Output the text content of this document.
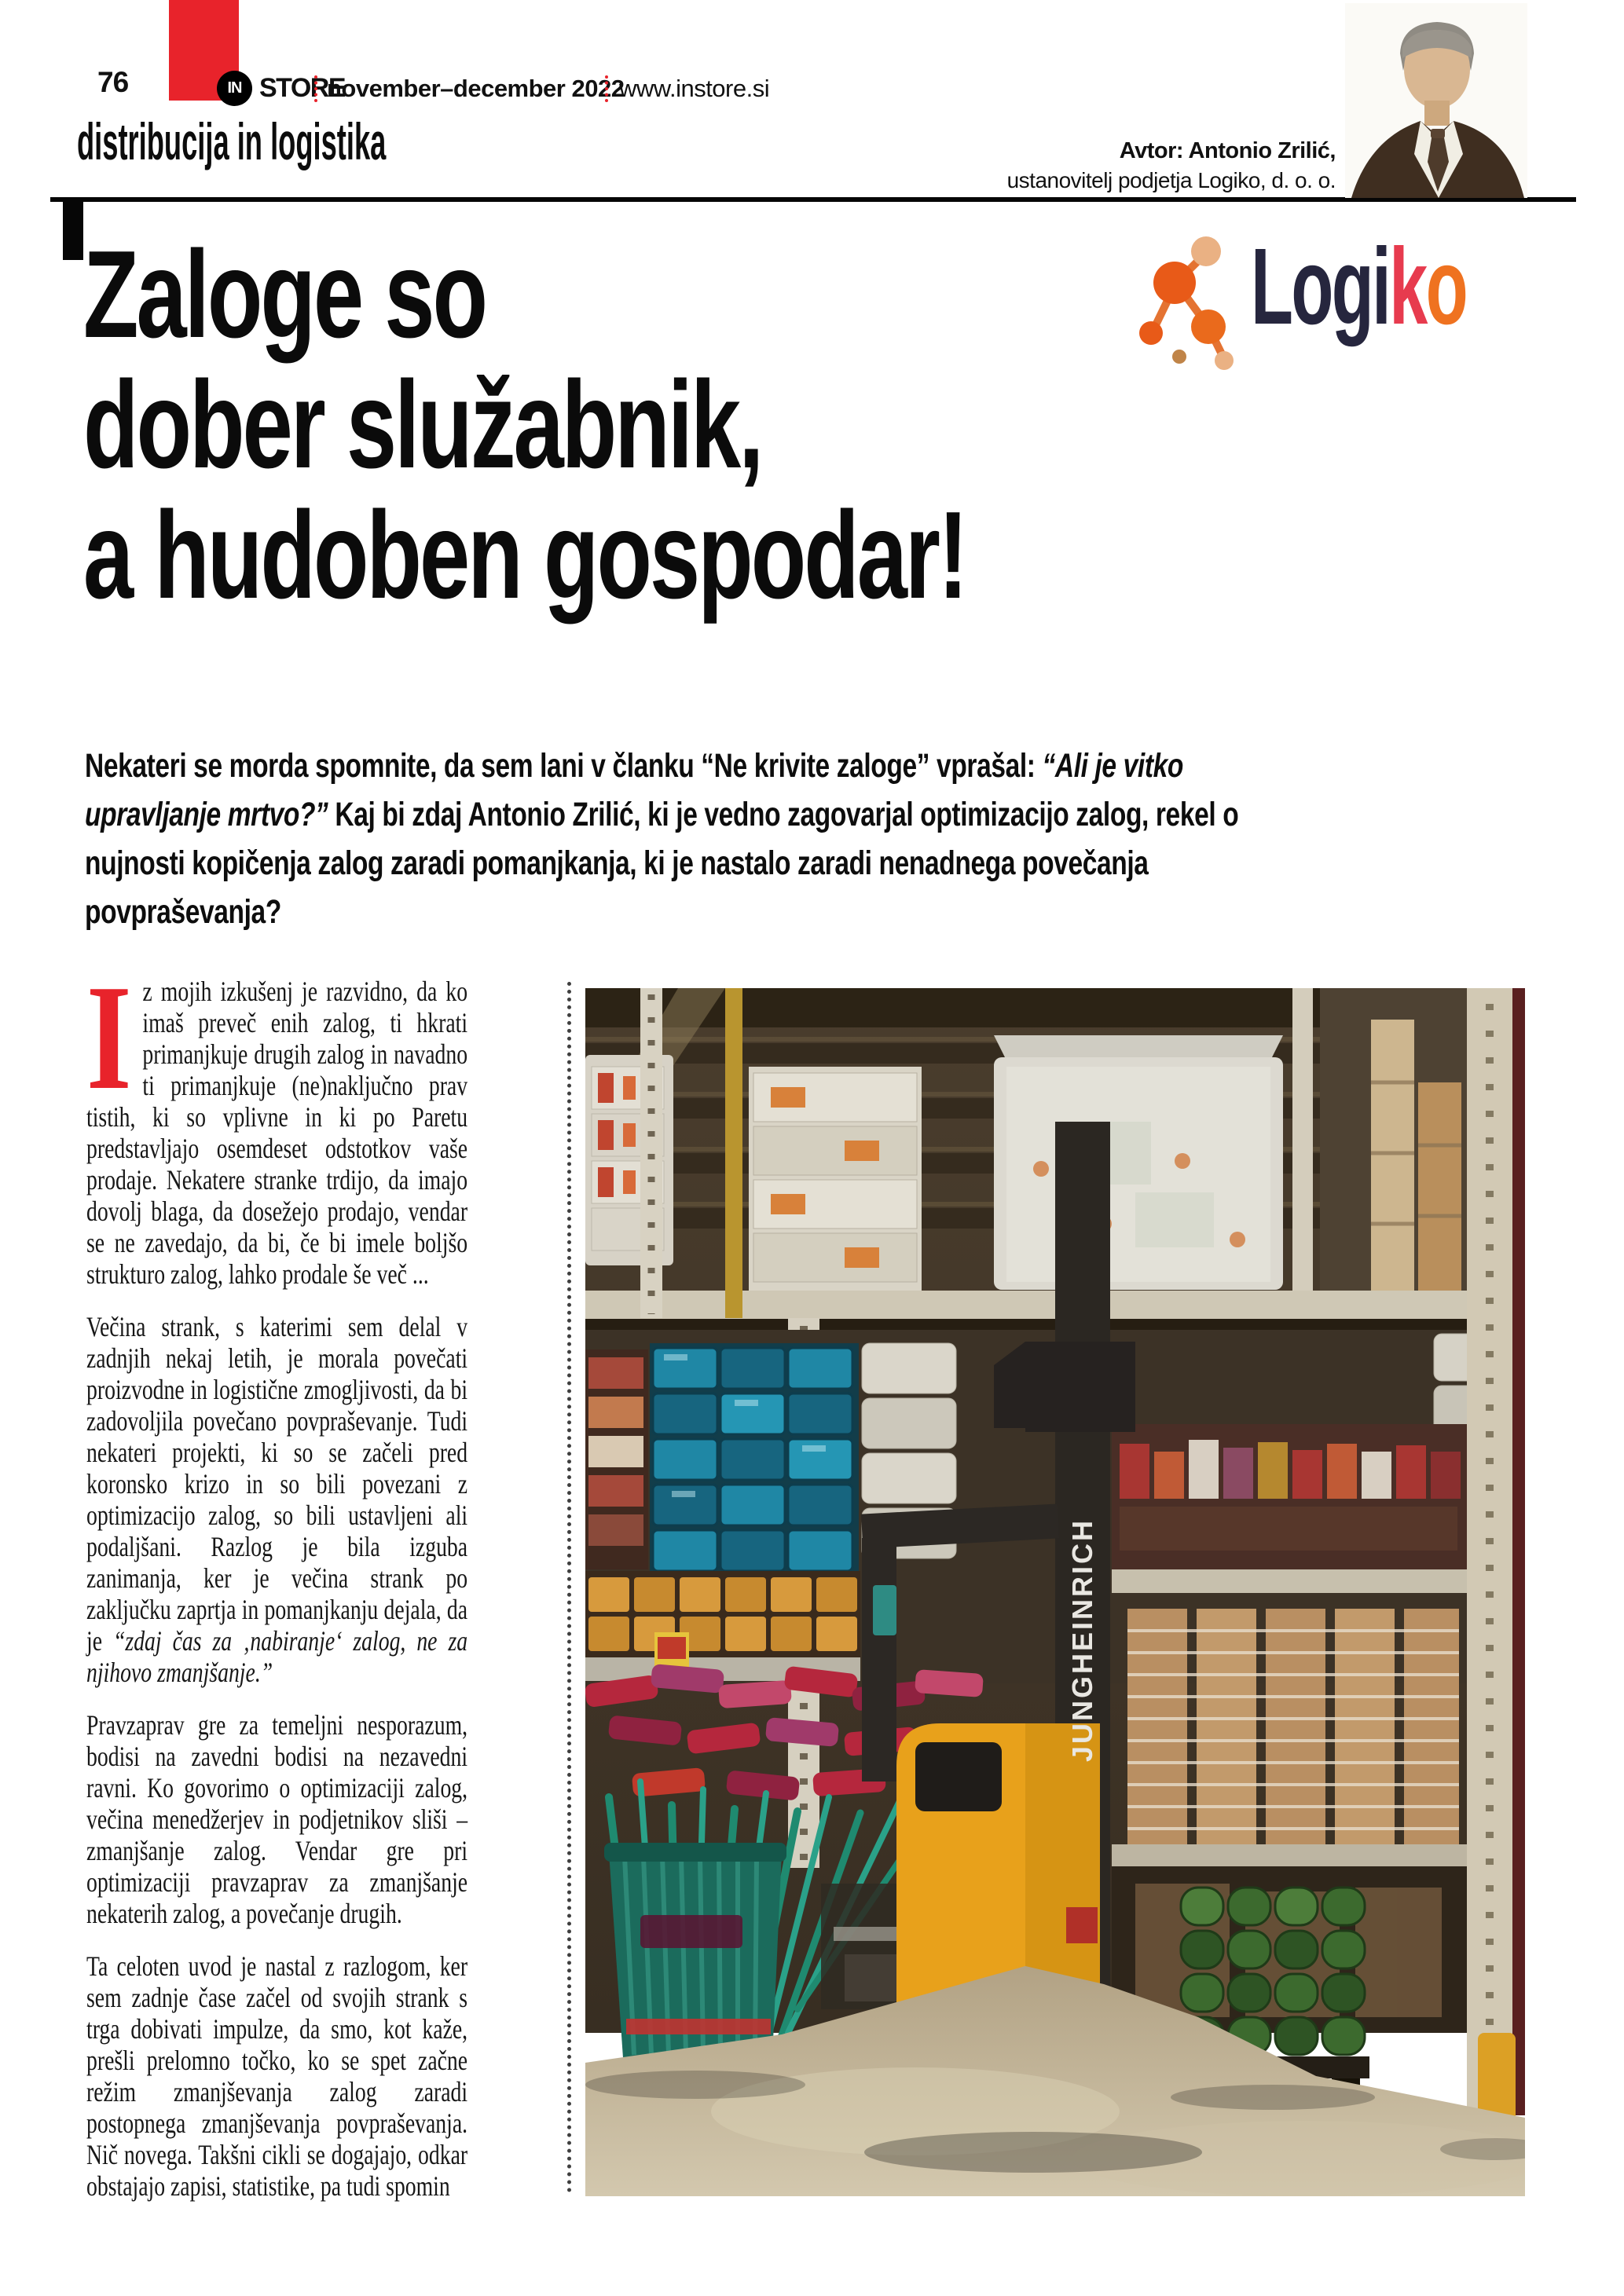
76	IN STORE
november–december 2022
www.instore.si
distribucija in logistika	Avtor: Antonio Zrilić,
ustanovitelj podjetja Logiko, d. o. o.
Logiko
Zaloge so
dober služabnik,
a hudoben gospodar!
Nekateri se morda spomnite, da sem lani v članku “Ne krivite zaloge” vprašal: “Ali je vitko upravljanje mrtvo?” Kaj bi zdaj Antonio Zrilić, ki je vedno zagovarjal optimizacijo zalog, rekel o nujnosti kopičenja zalog zaradi pomanjkanja, ki je nastalo zaradi nenadnega povečanja povpraševanja?

Iz mojih izkušenj je razvidno, da ko imaš preveč enih zalog, ti hkrati primanjkuje drugih zalog in navadno ti primanjkuje (ne)naključno prav tistih, ki so vplivne in ki po Paretu predstavljajo osemdeset odstotkov vaše prodaje. Nekatere stranke trdijo, da imajo dovolj blaga, da dosežejo prodajo, vendar se ne zavedajo, da bi, če bi imele boljšo strukturo zalog, lahko prodale še več ...

Večina strank, s katerimi sem delal v zadnjih nekaj letih, je morala povečati proizvodne in logistične zmogljivosti, da bi zadovoljila povečano povpraševanje. Tudi nekateri projekti, ki so se začeli pred koronsko krizo in so bili povezani z optimizacijo zalog, so bili ustavljeni ali podaljšani. Razlog je bila izguba zanimanja, ker je večina strank po zaključku zaprtja in pomanjkanju dejala, da je “zdaj čas za ‚nabiranje‘ zalog, ne za njihovo zmanjšanje.”

Pravzaprav gre za temeljni nesporazum, bodisi na zavedni bodisi na nezavedni ravni. Ko govorimo o optimizaciji zalog, večina menedžerjev in podjetnikov sliši – zmanjšanje zalog. Vendar gre pri optimizaciji pravzaprav za zmanjšanje nekaterih zalog, a povečanje drugih.

Ta celoten uvod je nastal z razlogom, ker sem zadnje čase začel od svojih strank s trga dobivati impulze, da smo, kot kaže, prešli prelomno točko, ko se spet začne režim zmanjševanja zalog zaradi postopnega zmanjševanja povpraševanja. Nič novega. Takšni cikli se dogajajo, odkar obstajajo zapisi, statistike, pa tudi spomin

JUNGHEINRICH
